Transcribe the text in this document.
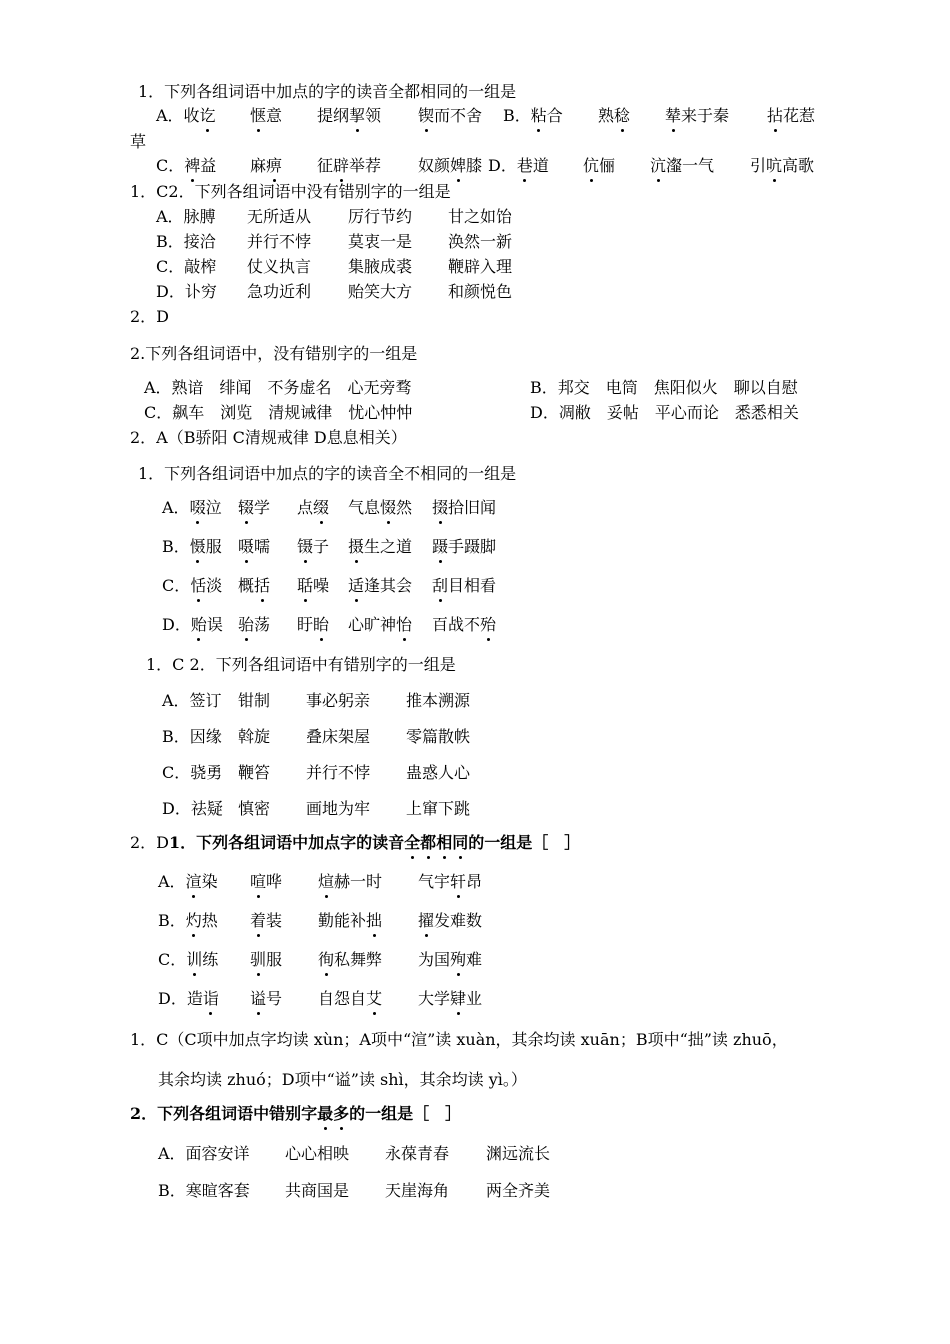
1．下列各组词语中加点的字的读音全都相同的一组是
A．收讫 惬意 提纲挈领 锲而不舍 B．粘合 熟稔 辇来于秦 拈花惹
草
C．裨益 麻痹 征辟举荐 奴颜婢膝 D．巷道 伉俪 沆瀣一气 引吭高歌
1．C2．下列各组词语中没有错别字的一组是
A．脉膊 无所适从 厉行节约 甘之如饴
B．接洽 并行不悖 莫衷一是 涣然一新
C．敲榨 仗义执言 集腋成裘 鞭辟入理
D．讣穷 急功近利 贻笑大方 和颜悦色
2．D
2.下列各组词语中，没有错别字的一组是
A．熟谙　绯闻　不务虚名　心无旁骛	B．邦交　电筒　焦阳似火　聊以自慰
C．飙车　浏览　清规诫律　忧心忡忡	D．凋敝　妥帖　平心而论　悉悉相关
2．A（B骄阳 C清规戒律 D息息相关）
1．下列各组词语中加点的字的读音全不相同的一组是
A．啜泣 辍学 点缀 气息惙然 掇拾旧闻
B．慑服 嗫嚅 镊子 摄生之道 蹑手蹑脚
C．恬淡 概括 聒噪 适逢其会 刮目相看
D．贻误 骀荡 盱眙 心旷神怡 百战不殆
1．C 2．下列各组词语中有错别字的一组是
A．签订 钳制 事必躬亲 推本溯源
B．因缘 斡旋 叠床架屋 零篇散帙
C．骁勇 鞭笞 并行不悖 蛊惑人心
D．祛疑 慎密 画地为牢 上窜下跳
2．D1．下列各组词语中加点字的读音全都相同的一组是［　］
A．渲染 喧哗 煊赫一时 气宇轩昂
B．灼热 着装 勤能补拙 擢发难数
C．训练 驯服 徇私舞弊 为国殉难
D．造诣 谥号 自怨自艾 大学肄业
1．C（C项中加点字均读 xùn；A项中“渲”读 xuàn，其余均读 xuān；B项中“拙”读 zhuō，
其余均读 zhuó；D项中“谥”读 shì，其余均读 yì。）
2．下列各组词语中错别字最多的一组是［　］
A．面容安详 心心相映 永葆青春 渊远流长
B．寒暄客套 共商国是 天崖海角 两全齐美
